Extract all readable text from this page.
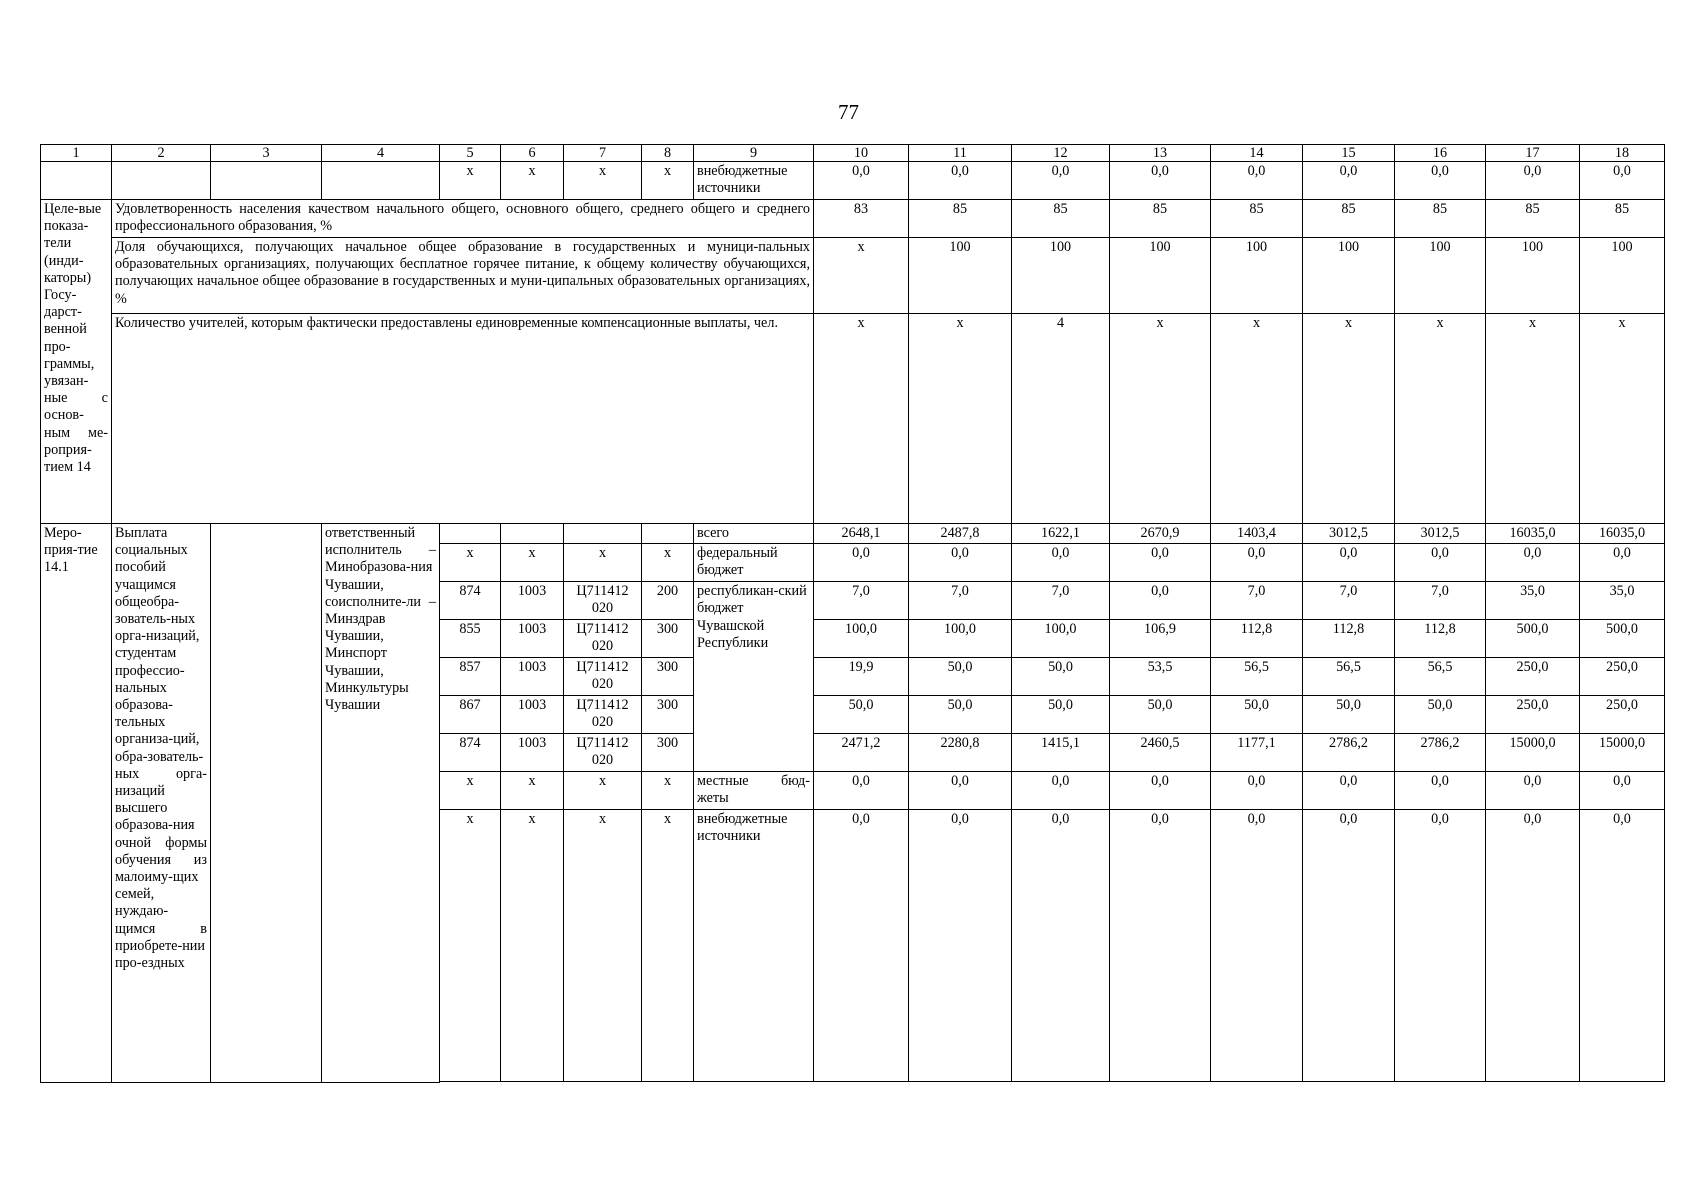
77
1	2	3	4	5	6	7	8	9	10	11	12	13	14	15	16	17	18
				х	х	х	х	внебюджетные источники	0,0	0,0	0,0	0,0	0,0	0,0	0,0	0,0	0,0
Целе-вые показа-тели (инди-каторы) Госу-дарст-венной про-граммы, увязан-ные с основ-ным ме-роприя-тием 14	Удовлетворенность населения качеством начального общего, основного общего, среднего общего и среднего профессионального образования, %								83	85	85	85	85	85	85	85	85
	Доля обучающихся, получающих начальное общее образование в государственных и муници-пальных образовательных организациях, получающих бесплатное горячее питание, к общему количеству обучающихся, получающих начальное общее образование в государственных и муни-ципальных образовательных организациях, %								х	100	100	100	100	100	100	100	100
	Количество учителей, которым фактически предоставлены единовременные компенсационные выплаты, чел.								х	х	4	х	х	х	х	х	х
Меро-прия-тие 14.1	Выплата социальных пособий учащимся общеобра-зователь-ных орга-низаций, студентам профессио-нальных образова-тельных организа-ций, обра-зователь-ных орга-низаций высшего образова-ния очной формы обучения из малоиму-щих семей, нуждаю-щимся в приобрете-нии про-ездных		ответственный исполнитель – Минобразова-ния Чувашии, соисполните-ли – Минздрав Чувашии, Минспорт Чувашии, Минкультуры Чувашии					всего	2648,1	2487,8	1622,1	2670,9	1403,4	3012,5	3012,5	16035,0	16035,0
				х	х	х	х	федеральный бюджет	0,0	0,0	0,0	0,0	0,0	0,0	0,0	0,0	0,0
				874	1003	Ц711412 020	200	республикан-ский бюджет Чувашской Республики	7,0	7,0	7,0	0,0	7,0	7,0	7,0	35,0	35,0
				855	1003	Ц711412 020	300		100,0	100,0	100,0	106,9	112,8	112,8	112,8	500,0	500,0
				857	1003	Ц711412 020	300		19,9	50,0	50,0	53,5	56,5	56,5	56,5	250,0	250,0
				867	1003	Ц711412 020	300		50,0	50,0	50,0	50,0	50,0	50,0	50,0	250,0	250,0
				874	1003	Ц711412 020	300		2471,2	2280,8	1415,1	2460,5	1177,1	2786,2	2786,2	15000,0	15000,0
				х	х	х	х	местные бюд-жеты	0,0	0,0	0,0	0,0	0,0	0,0	0,0	0,0	0,0
				х	х	х	х	внебюджетные источники	0,0	0,0	0,0	0,0	0,0	0,0	0,0	0,0	0,0
